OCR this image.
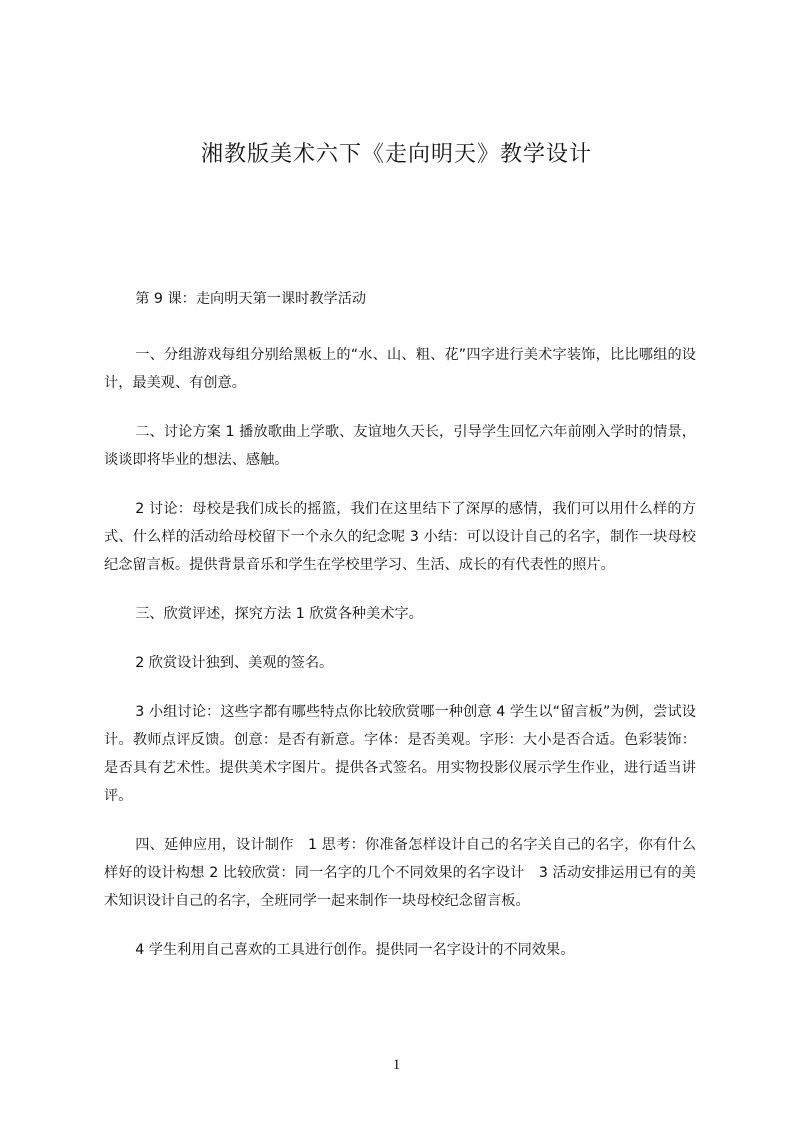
湘教版美术六下《走向明天》教学设计

第 9 课：走向明天第一课时教学活动

一、分组游戏每组分别给黑板上的“水、山、粗、花”四字进行美术字装饰，比比哪组的设计，最美观、有创意。

二、讨论方案 1 播放歌曲上学歌、友谊地久天长，引导学生回忆六年前刚入学时的情景，谈谈即将毕业的想法、感触。

2 讨论：母校是我们成长的摇篮，我们在这里结下了深厚的感情，我们可以用什么样的方式、什么样的活动给母校留下一个永久的纪念呢 3 小结：可以设计自己的名字，制作一块母校纪念留言板。提供背景音乐和学生在学校里学习、生活、成长的有代表性的照片。

三、欣赏评述，探究方法 1 欣赏各种美术字。

2 欣赏设计独到、美观的签名。

3 小组讨论：这些字都有哪些特点你比较欣赏哪一种创意 4 学生以“留言板”为例，尝试设计。教师点评反馈。创意：是否有新意。字体：是否美观。字形：大小是否合适。色彩装饰：是否具有艺术性。提供美术字图片。提供各式签名。用实物投影仪展示学生作业，进行适当讲评。

四、延伸应用，设计制作　1 思考：你准备怎样设计自己的名字关自己的名字，你有什么样好的设计构想 2 比较欣赏：同一名字的几个不同效果的名字设计　3 活动安排运用已有的美术知识设计自己的名字，全班同学一起来制作一块母校纪念留言板。

4 学生利用自己喜欢的工具进行创作。提供同一名字设计的不同效果。

1
